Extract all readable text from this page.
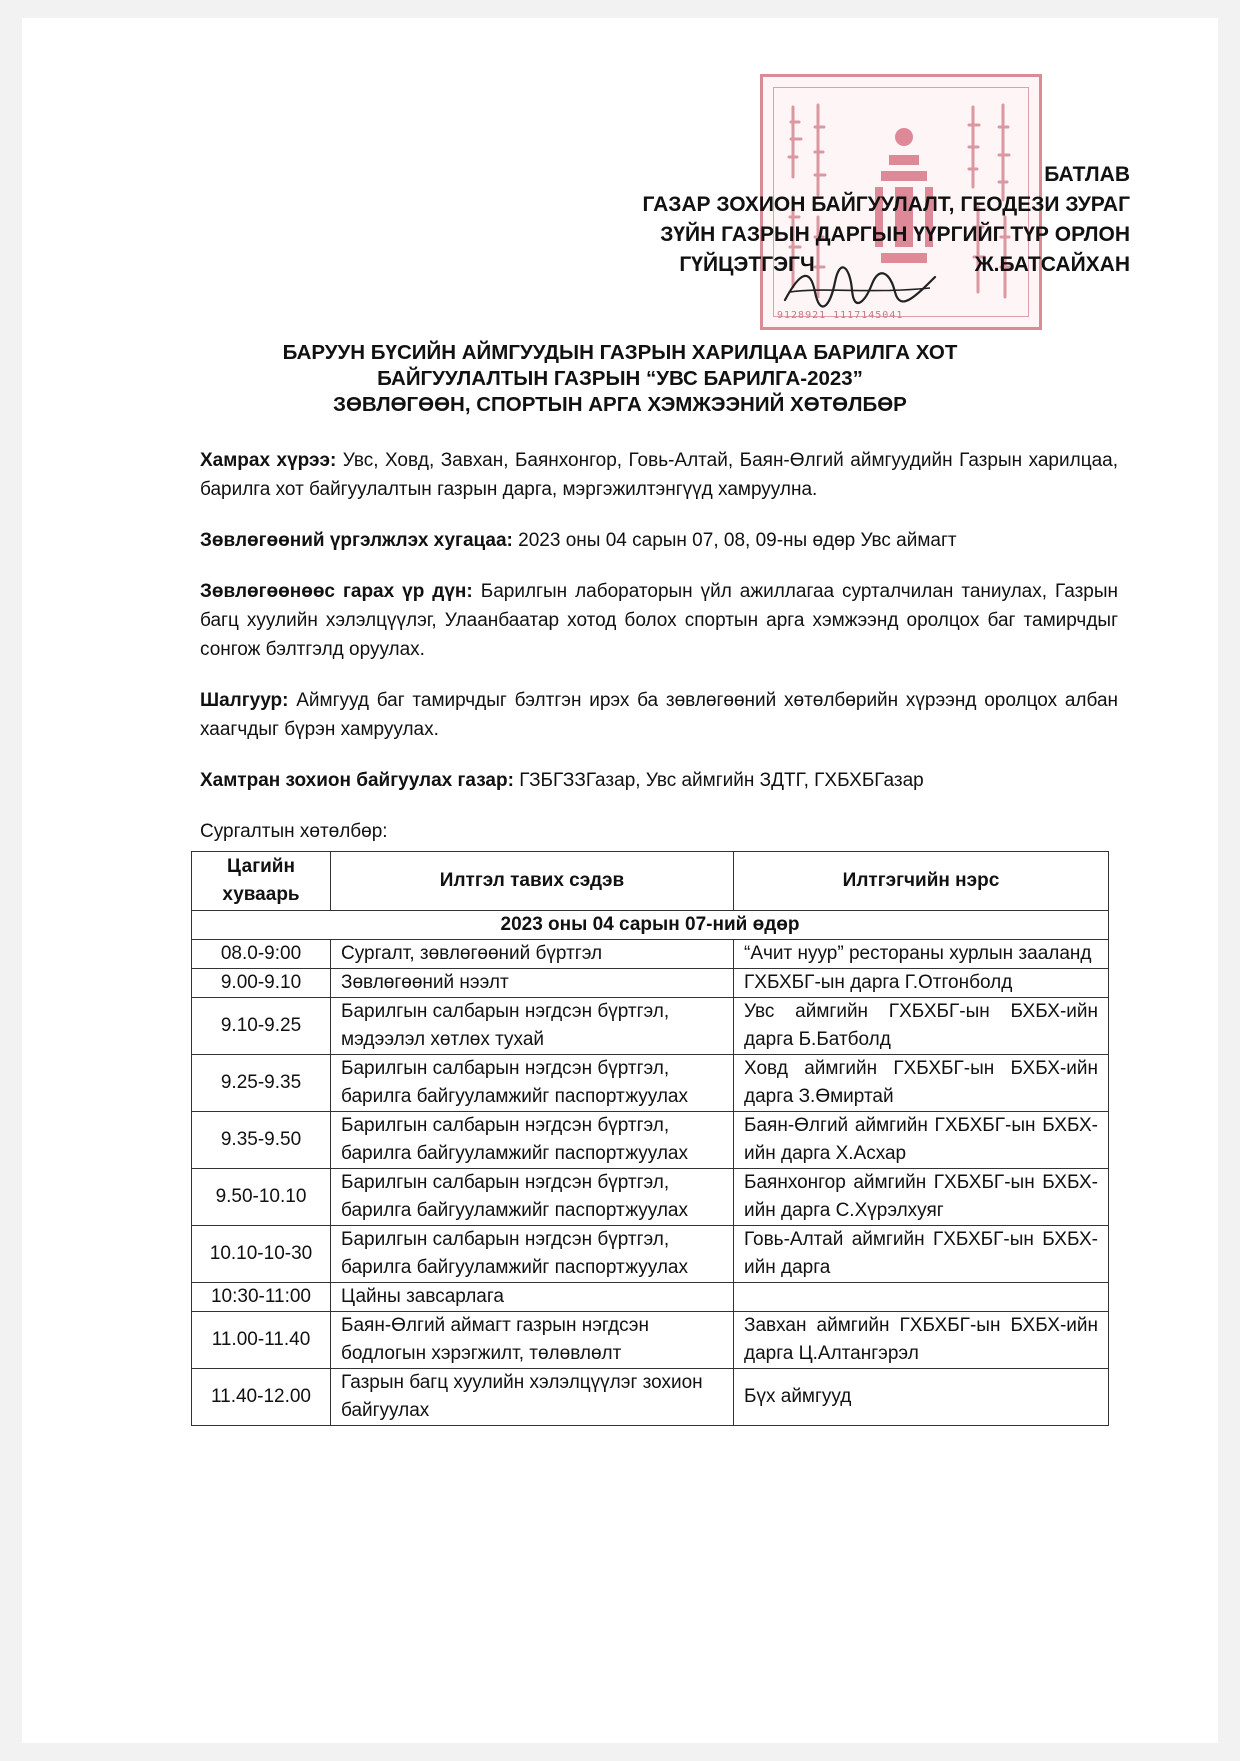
9128921 1117145041
БАТЛАВ
ГАЗАР ЗОХИОН БАЙГУУЛАЛТ, ГЕОДЕЗИ ЗУРАГ
ЗҮЙН ГАЗРЫН ДАРГЫН ҮҮРГИЙГ ТҮР ОРЛОН
ГҮЙЦЭТГЭГЧ	Ж.БАТСАЙХАН
БАРУУН БҮСИЙН АЙМГУУДЫН ГАЗРЫН ХАРИЛЦАА БАРИЛГА ХОТ
БАЙГУУЛАЛТЫН ГАЗРЫН “УВС БАРИЛГА-2023”
ЗӨВЛӨГӨӨН, СПОРТЫН АРГА ХЭМЖЭЭНИЙ ХӨТӨЛБӨР

Хамрах хүрээ: Увс, Ховд, Завхан, Баянхонгор, Говь-Алтай, Баян-Өлгий аймгуудийн Газрын харилцаа, барилга хот байгуулалтын газрын дарга, мэргэжилтэнгүүд хамруулна.

Зөвлөгөөний үргэлжлэх хугацаа: 2023 оны 04 сарын 07, 08, 09-ны өдөр Увс аймагт

Зөвлөгөөнөөс гарах үр дүн: Барилгын лабораторын үйл ажиллагаа сурталчилан таниулах, Газрын багц хуулийн хэлэлцүүлэг, Улаанбаатар хотод болох спортын арга хэмжээнд оролцох баг тамирчдыг сонгож бэлтгэлд оруулах.

Шалгуур: Аймгууд баг тамирчдыг бэлтгэн ирэх ба зөвлөгөөний хөтөлбөрийн хүрээнд оролцох албан хаагчдыг бүрэн хамруулах.

Хамтран зохион байгуулах газар: ГЗБГЗЗГазар, Увс аймгийн ЗДТГ, ГХБХБГазар

Сургалтын хөтөлбөр:

Цагийн хуваарь	Илтгэл тавих сэдэв	Илтгэгчийн нэрс
2023 оны 04 сарын 07-ний өдөр		
08.0-9:00	Сургалт, зөвлөгөөний бүртгэл	“Ачит нуур” рестораны хурлын зааланд
9.00-9.10	Зөвлөгөөний нээлт	ГХБХБГ-ын дарга Г.Отгонболд
9.10-9.25	Барилгын салбарын нэгдсэн бүртгэл, мэдээлэл хөтлөх тухай	Увс аймгийн ГХБХБГ-ын БХБХ-ийн дарга Б.Батболд
9.25-9.35	Барилгын салбарын нэгдсэн бүртгэл, барилга байгууламжийг паспортжуулах	Ховд аймгийн ГХБХБГ-ын БХБХ-ийн дарга З.Өмиртай
9.35-9.50	Барилгын салбарын нэгдсэн бүртгэл, барилга байгууламжийг паспортжуулах	Баян-Өлгий аймгийн ГХБХБГ-ын БХБХ-ийн дарга Х.Асхар
9.50-10.10	Барилгын салбарын нэгдсэн бүртгэл, барилга байгууламжийг паспортжуулах	Баянхонгор аймгийн ГХБХБГ-ын БХБХ-ийн дарга С.Хүрэлхуяг
10.10-10-30	Барилгын салбарын нэгдсэн бүртгэл, барилга байгууламжийг паспортжуулах	Говь-Алтай аймгийн ГХБХБГ-ын БХБХ-ийн дарга
10:30-11:00	Цайны завсарлага	
11.00-11.40	Баян-Өлгий аймагт газрын нэгдсэн бодлогын хэрэгжилт, төлөвлөлт	Завхан аймгийн ГХБХБГ-ын БХБХ-ийн дарга Ц.Алтангэрэл
11.40-12.00	Газрын багц хуулийн хэлэлцүүлэг зохион байгуулах	Бүх аймгууд
